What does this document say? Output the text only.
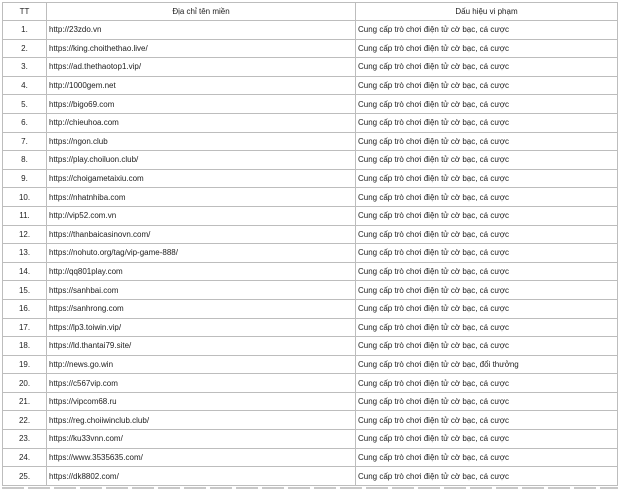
TT	Địa chỉ tên miền	Dấu hiệu vi phạm
1.	http://23zdo.vn	Cung cấp trò chơi điện tử cờ bạc, cá cược
2.	https://king.choithethao.live/	Cung cấp trò chơi điện tử cờ bạc, cá cược
3.	https://ad.thethaotop1.vip/	Cung cấp trò chơi điện tử cờ bạc, cá cược
4.	http://1000gem.net	Cung cấp trò chơi điện tử cờ bạc, cá cược
5.	https://bigo69.com	Cung cấp trò chơi điện tử cờ bạc, cá cược
6.	http://chieuhoa.com	Cung cấp trò chơi điện tử cờ bạc, cá cược
7.	https://ngon.club	Cung cấp trò chơi điện tử cờ bạc, cá cược
8.	https://play.choiluon.club/	Cung cấp trò chơi điện tử cờ bạc, cá cược
9.	https://choigametaixiu.com	Cung cấp trò chơi điện tử cờ bạc, cá cược
10.	https://nhatnhiba.com	Cung cấp trò chơi điện tử cờ bạc, cá cược
11.	http://vip52.com.vn	Cung cấp trò chơi điện tử cờ bạc, cá cược
12.	https://thanbaicasinovn.com/	Cung cấp trò chơi điện tử cờ bạc, cá cược
13.	https://nohuto.org/tag/vip-game-888/	Cung cấp trò chơi điện tử cờ bạc, cá cược
14.	http://qq801play.com	Cung cấp trò chơi điện tử cờ bạc, cá cược
15.	https://sanhbai.com	Cung cấp trò chơi điện tử cờ bạc, cá cược
16.	https://sanhrong.com	Cung cấp trò chơi điện tử cờ bạc, cá cược
17.	https://lp3.toiwin.vip/	Cung cấp trò chơi điện tử cờ bạc, cá cược
18.	https://ld.thantai79.site/	Cung cấp trò chơi điện tử cờ bạc, cá cược
19.	http://news.go.win	Cung cấp trò chơi điện tử cờ bạc, đổi thưởng
20.	https://c567vip.com	Cung cấp trò chơi điện tử cờ bạc, cá cược
21.	https://vipcom68.ru	Cung cấp trò chơi điện tử cờ bạc, cá cược
22.	https://reg.choiiwinclub.club/	Cung cấp trò chơi điện tử cờ bạc, cá cược
23.	https://ku33vnn.com/	Cung cấp trò chơi điện tử cờ bạc, cá cược
24.	https://www.3535635.com/	Cung cấp trò chơi điện tử cờ bạc, cá cược
25.	https://dk8802.com/	Cung cấp trò chơi điện tử cờ bạc, cá cược
